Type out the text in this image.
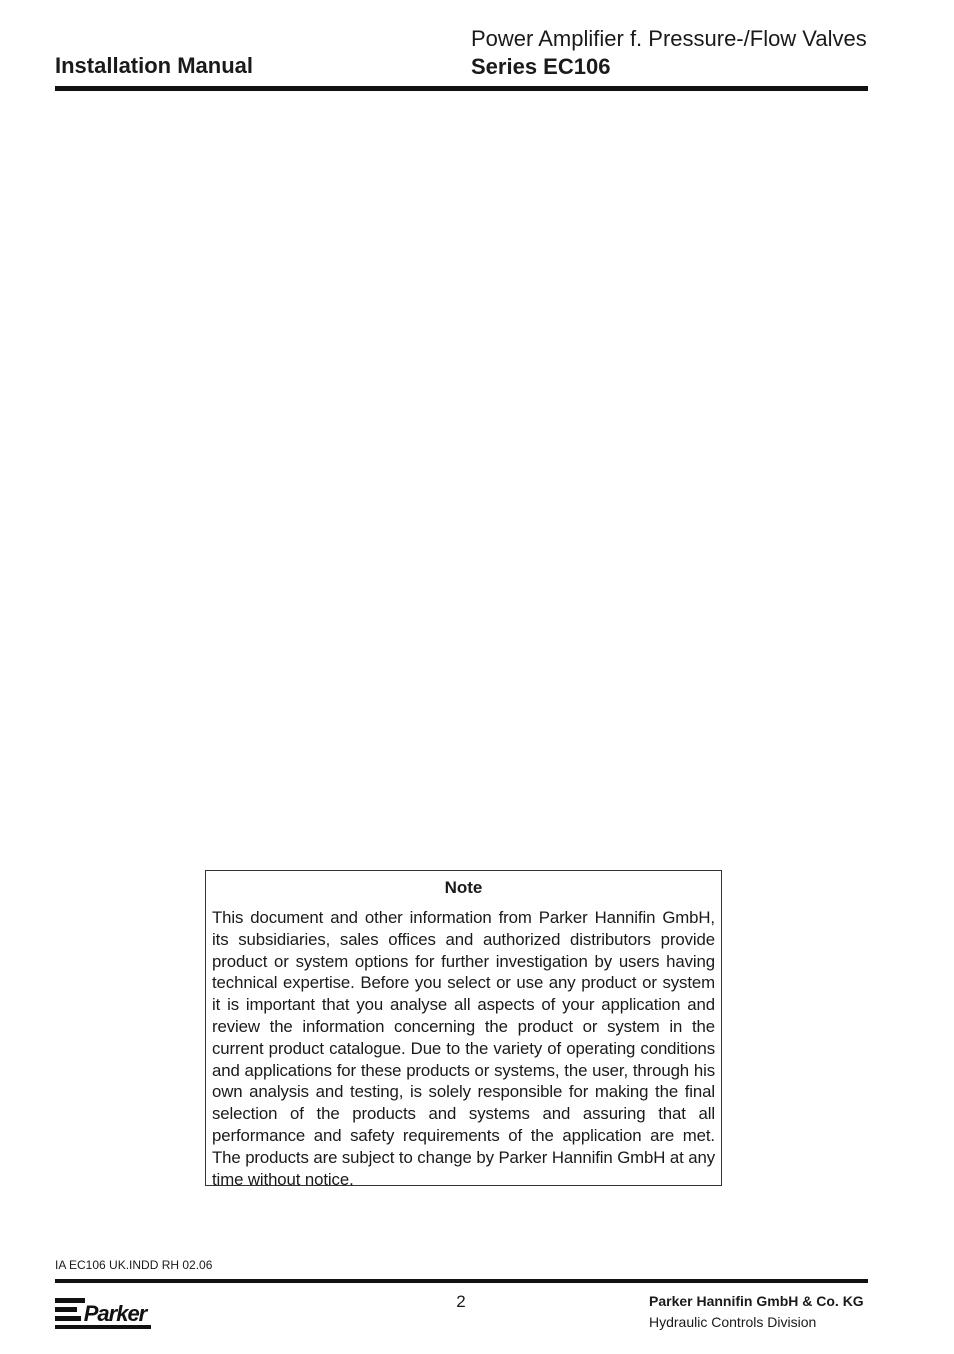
Installation Manual
Power Amplifier f. Pressure-/Flow Valves
Series EC106
Note
This document and other information from Parker Hannifin GmbH, its subsidiaries, sales offices and authorized distributors provide product or system options for further investigation by users having technical expertise. Before you select or use any product or system it is important that you analyse all aspects of your application and review the information concerning the product or system in the current product catalogue. Due to the variety of operating conditions and applications for these products or systems, the user, through his own analysis and testing, is solely responsible for making the final selection of the products and systems and assuring that all performance and safety requirements of the application are met. The products are subject to change by Parker Hannifin GmbH at any time without notice.
IA EC106 UK.INDD RH 02.06
Parker	2	Parker Hannifin GmbH & Co. KG
Hydraulic Controls Division
